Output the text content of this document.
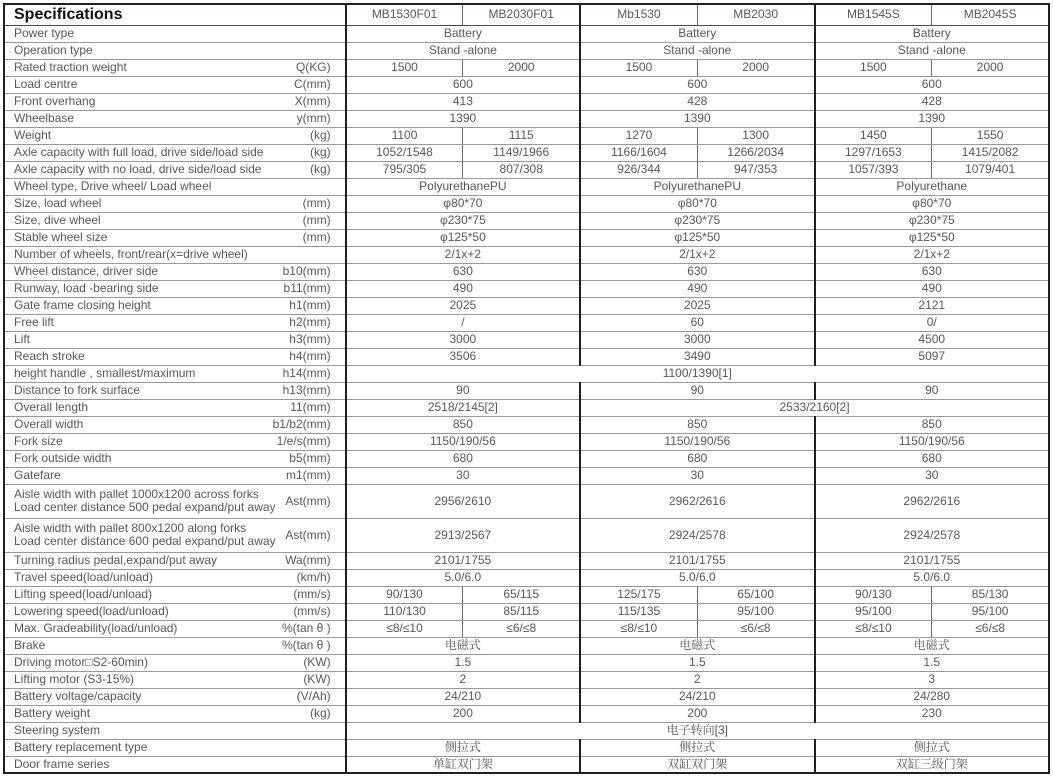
Specifications	MB1530F01	MB2030F01	Mb1530	MB2030	MB1545S	MB2045S

Power type	Battery		Battery		Battery	

Operation type	Stand -alone		Stand -alone		Stand -alone	

Rated traction weight Q(KG)	1500	2000	1500	2000	1500	2000

Load centre C(mm)	600		600		600	

Front overhang X(mm)	413		428		428	

Wheelbase y(mm)	1390		1390		1390	

Weight (kg)	1100	1115	1270	1300	1450	1550

Axle capacity with full load, drive side/load side (kg)	1052/1548	1149/1966	1166/1604	1266/2034	1297/1653	1415/2082

Axle capacity with no load, drive side/load side (kg)	795/305	807/308	926/344	947/353	1057/393	1079/401

Wheel type, Drive wheel/ Load wheel	PolyurethanePU		PolyurethanePU		Polyurethane	

Size, load wheel (mm)	φ80*70		φ80*70		φ80*70	

Size, dive wheel (mm)	φ230*75		φ230*75		φ230*75	

Stable wheel size (mm)	φ125*50		φ125*50		φ125*50	

Number of wheels, front/rear(x=drive wheel)	2/1x+2		2/1x+2		2/1x+2	

Wheel distance, driver side b10(mm)	630		630		630	

Runway, load -bearing side b11(mm)	490		490		490	

Gate frame closing height h1(mm)	2025		2025		2121	

Free lift h2(mm)	/		60		0/	

Lift h3(mm)	3000		3000		4500	

Reach stroke h4(mm)	3506		3490		5097	

height handle , smallest/maximum h14(mm)	1100/1390[1]					

Distance to fork surface h13(mm)	90		90		90	

Overall length 11(mm)	2518/2145[2]		2533/2160[2]			

Overall width b1/b2(mm)	850		850		850	

Fork size 1/e/s(mm)	1150/190/56		1150/190/56		1150/190/56	

Fork outside width b5(mm)	680		680		680	

Gatefare m1(mm)	30		30		30	

Aisle width with pallet 1000x1200 across forks
Load center distance 500 pedal expand/put away Ast(mm)	2956/2610		2962/2616		2962/2616	

Aisle width with pallet 800x1200 along forks
Load center distance 600 pedal expand/put away Ast(mm)	2913/2567		2924/2578		2924/2578	

Turning radius pedal,expand/put away Wa(mm)	2101/1755		2101/1755		2101/1755	

Travel speed(load/unload) (km/h)	5.0/6.0		5.0/6.0		5.0/6.0	

Lifting speed(load/unload) (mm/s)	90/130	65/115	125/175	65/100	90/130	85/130

Lowering speed(load/unload) (mm/s)	110/130	85/115	115/135	95/100	95/100	95/100

Max. Gradeability(load/unload) %(tan θ )	≤8/≤10	≤6/≤8	≤8/≤10	≤6/≤8	≤8/≤10	≤6/≤8

Brake %(tan θ )	电磁式		电磁式		电磁式	

Driving motor□S2-60min) (KW)	1.5		1.5		1.5	

Lifting motor (S3-15%) (KW)	2		2		3	

Battery voltage/capacity (V/Ah)	24/210		24/210		24/280	

Battery weight (kg)	200		200		230	

Steering system	电子转向[3]					

Battery replacement type	侧拉式		侧拉式		侧拉式	

Door frame series	单缸双门架		双缸双门架		双缸三级门架	
